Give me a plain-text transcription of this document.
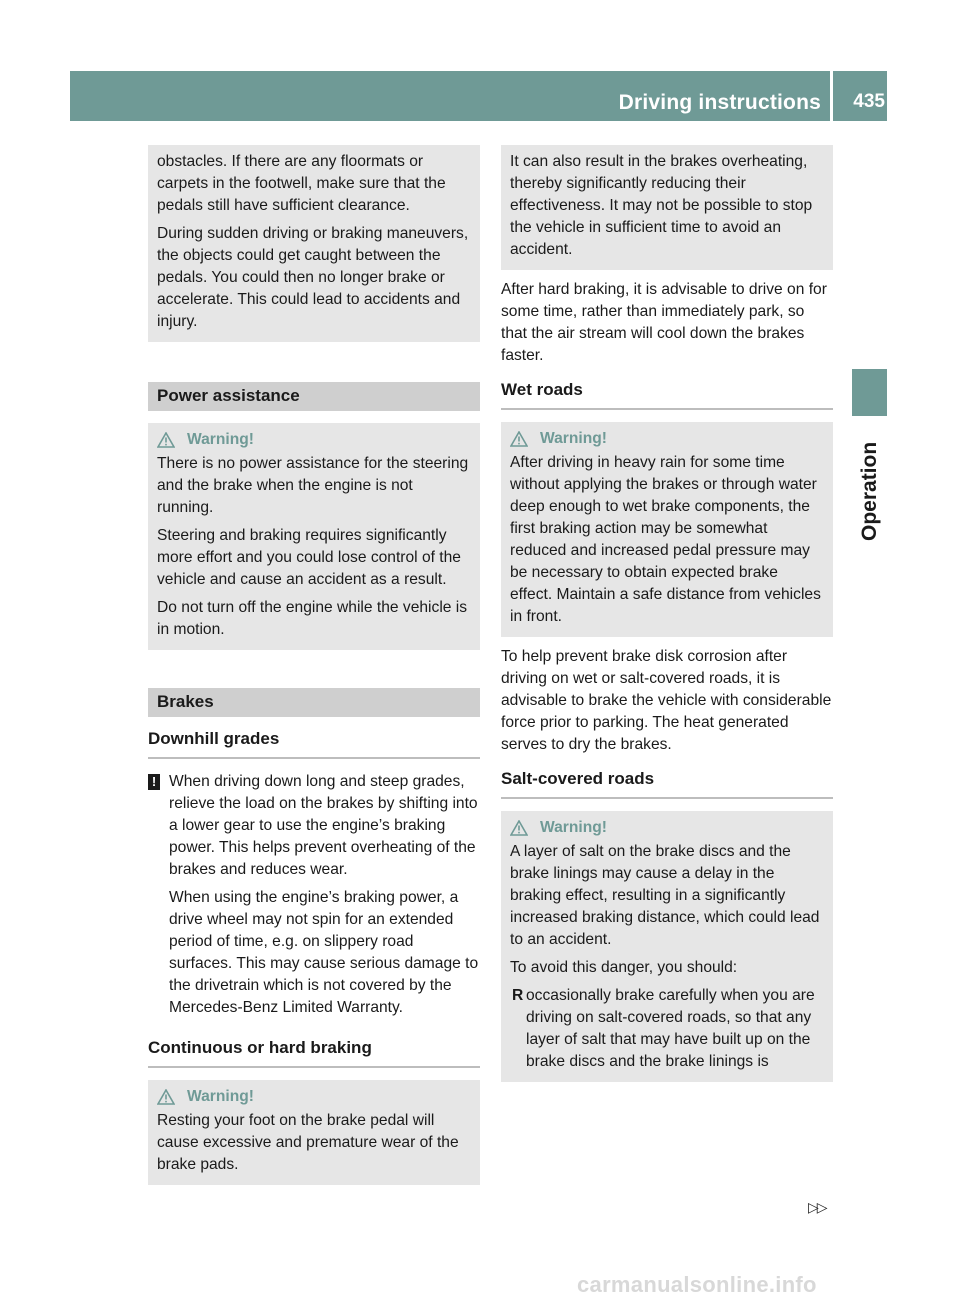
Driving instructions 435
Operation

obstacles. If there are any floormats or carpets in the footwell, make sure that the pedals still have sufficient clearance.

During sudden driving or braking maneuvers, the objects could get caught between the pedals. You could then no longer brake or accelerate. This could lead to accidents and injury.

Power assistance
Warning!

There is no power assistance for the steering and the brake when the engine is not running.

Steering and braking requires significantly more effort and you could lose control of the vehicle and cause an accident as a result.

Do not turn off the engine while the vehicle is in motion.

Brakes
Downhill grades
! When driving down long and steep grades, relieve the load on the brakes by shifting into a lower gear to use the engine’s braking power. This helps prevent overheating of the brakes and reduces wear.

When using the engine’s braking power, a drive wheel may not spin for an extended period of time, e.g. on slippery road surfaces. This may cause serious damage to the drivetrain which is not covered by the Mercedes-Benz Limited Warranty.

Continuous or hard braking
Warning!

Resting your foot on the brake pedal will cause excessive and premature wear of the brake pads.

It can also result in the brakes overheating, thereby significantly reducing their effectiveness. It may not be possible to stop the vehicle in sufficient time to avoid an accident.

After hard braking, it is advisable to drive on for some time, rather than immediately park, so that the air stream will cool down the brakes faster.

Wet roads
Warning!

After driving in heavy rain for some time without applying the brakes or through water deep enough to wet brake components, the first braking action may be somewhat reduced and increased pedal pressure may be necessary to obtain expected brake effect. Maintain a safe distance from vehicles in front.

To help prevent brake disk corrosion after driving on wet or salt-covered roads, it is advisable to brake the vehicle with considerable force prior to parking. The heat generated serves to dry the brakes.

Salt-covered roads
Warning!

A layer of salt on the brake discs and the brake linings may cause a delay in the braking effect, resulting in a significantly increased braking distance, which could lead to an accident.

To avoid this danger, you should:

R occasionally brake carefully when you are driving on salt-covered roads, so that any layer of salt that may have built up on the brake discs and the brake linings is
▷▷
carmanualsonline.info
